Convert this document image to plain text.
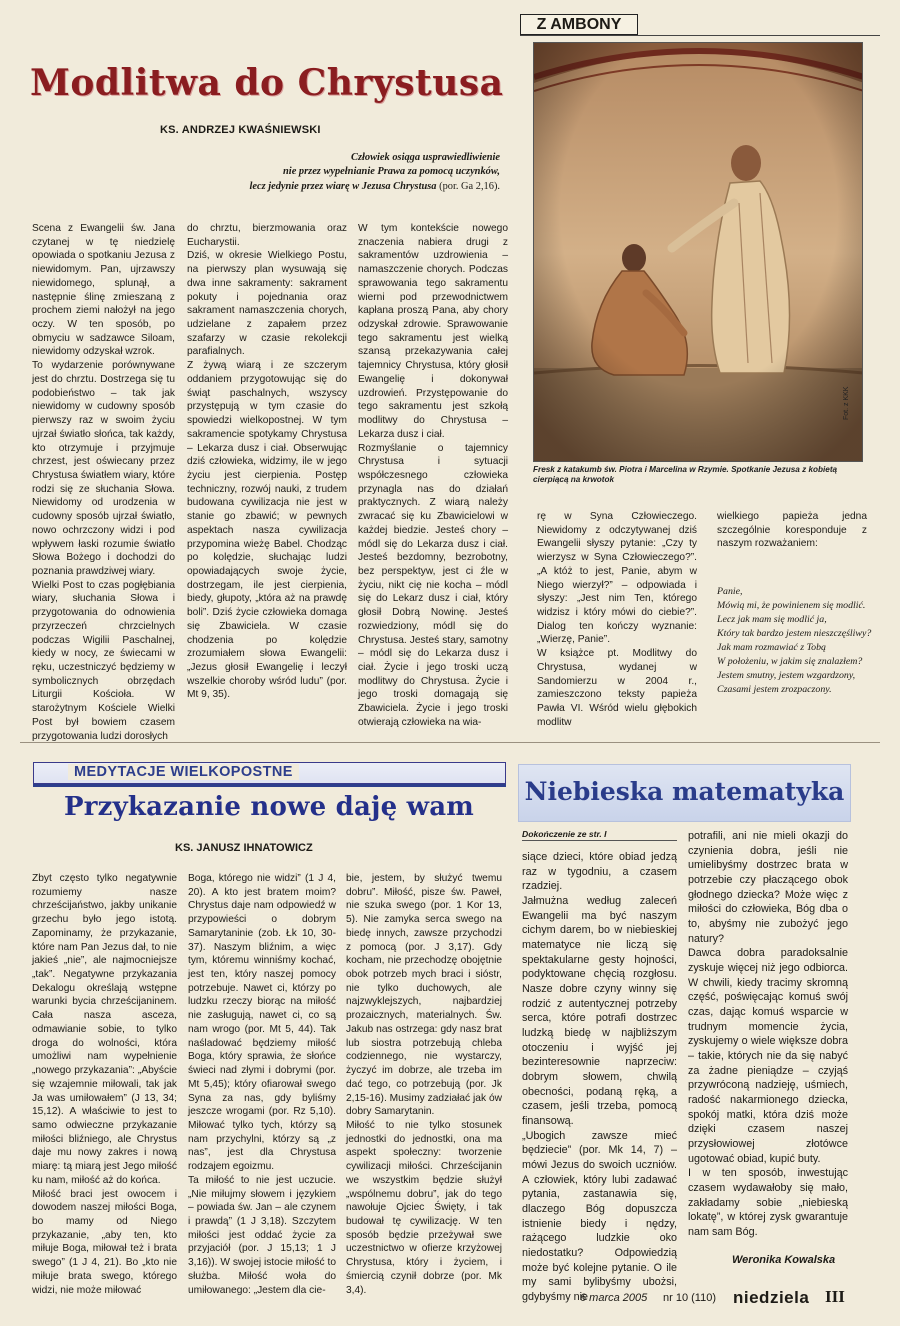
Z AMBONY
Modlitwa do Chrystusa
KS. ANDRZEJ KWAŚNIEWSKI
Człowiek osiąga usprawiedliwienie
nie przez wypełnianie Prawa za pomocą uczynków,
lecz jedynie przez wiarę w Jezusa Chrystusa (por. Ga 2,16).
Scena z Ewangelii św. Jana czytanej w tę niedzielę opowiada o spotkaniu Jezusa z niewidomym. Pan, ujrzawszy niewidomego, splunął, a następnie ślinę zmieszaną z prochem ziemi nałożył na jego oczy. W ten sposób, po obmyciu w sadzawce Siloam, niewidomy odzyskał wzrok.
To wydarzenie porównywane jest do chrztu. Dostrzega się tu podobieństwo – tak jak niewidomy w cudowny sposób pierwszy raz w swoim życiu ujrzał światło słońca, tak każdy, kto otrzymuje i przyjmuje chrzest, jest oświecany przez Chrystusa światłem wiary, które rodzi się ze słuchania Słowa. Niewidomy od urodzenia w cudowny sposób ujrzał światło, nowo ochrzczony widzi i pod wpływem łaski rozumie światło Słowa Bożego i dochodzi do poznania prawdziwej wiary.
Wielki Post to czas pogłębiania wiary, słuchania Słowa i przygotowania do odnowienia przyrzeczeń chrzcielnych podczas Wigilii Paschalnej, kiedy w nocy, ze świecami w ręku, uczestniczyć będziemy w symbolicznych obrzędach Liturgii Kościoła. W starożytnym Kościele Wielki Post był bowiem czasem przygotowania ludzi dorosłych
do chrztu, bierzmowania oraz Eucharystii.
Dziś, w okresie Wielkiego Postu, na pierwszy plan wysuwają się dwa inne sakramenty: sakrament pokuty i pojednania oraz sakrament namaszczenia chorych, udzielane z zapałem przez szafarzy w czasie rekolekcji parafialnych.
Z żywą wiarą i ze szczerym oddaniem przygotowując się do świąt paschalnych, wszyscy przystępują w tym czasie do spowiedzi wielkopostnej. W tym sakramencie spotykamy Chrystusa – Lekarza dusz i ciał. Obserwując dziś człowieka, widzimy, ile w jego życiu jest cierpienia. Postęp techniczny, rozwój nauki, z trudem budowana cywilizacja nie jest w stanie go zbawić; w pewnych aspektach nasza cywilizacja przypomina wieżę Babel. Chodząc po kolędzie, słuchając ludzi opowiadających swoje życie, dostrzegam, ile jest cierpienia, biedy, głupoty, „która aż na prawdę boli”. Dziś życie człowieka domaga się Zbawiciela. W czasie chodzenia po kolędzie zrozumiałem słowa Ewangelii: „Jezus głosił Ewangelię i leczył wszelkie choroby wśród ludu” (por. Mt 9, 35).
W tym kontekście nowego znaczenia nabiera drugi z sakramentów uzdrowienia – namaszczenie chorych. Podczas sprawowania tego sakramentu wierni pod przewodnictwem kapłana proszą Pana, aby chory odzyskał zdrowie. Sprawowanie tego sakramentu jest wielką szansą przekazywania całej tajemnicy Chrystusa, który głosił Ewangelię i dokonywał uzdrowień. Przystępowanie do tego sakramentu jest szkołą modlitwy do Chrystusa – Lekarza dusz i ciał.
Rozmyślanie o tajemnicy Chrystusa i sytuacji współczesnego człowieka przynagla nas do działań praktycznych. Z wiarą należy zwracać się ku Zbawicielowi w każdej biedzie. Jesteś chory – módl się do Lekarza dusz i ciał. Jesteś bezdomny, bezrobotny, bez perspektyw, jest ci źle w życiu, nikt cię nie kocha – módl się do Lekarz dusz i ciał, który głosił Dobrą Nowinę. Jesteś rozwiedziony, módl się do Chrystusa. Jesteś stary, samotny – módl się do Lekarza dusz i ciał. Życie i jego troski uczą modlitwy do Chrystusa. Życie i jego troski domagają się Zbawiciela. Życie i jego troski otwierają człowieka na wia-
rę w Syna Człowieczego. Niewidomy z odczytywanej dziś Ewangelii słyszy pytanie: „Czy ty wierzysz w Syna Człowieczego?”. „A któż to jest, Panie, abym w Niego wierzył?” – odpowiada i słyszy: „Jest nim Ten, którego widzisz i który mówi do ciebie?”. Dialog ten kończy wyznanie: „Wierzę, Panie”.
W książce pt. Modlitwy do Chrystusa, wydanej w Sandomierzu w 2004 r., zamieszczono teksty papieża Pawła VI. Wśród wielu głębokich modlitw
wielkiego papieża jedna szczególnie koresponduje z naszym rozważaniem:
Panie,
Mówią mi, że powinienem się modlić.
Lecz jak mam się modlić ja,
Który tak bardzo jestem nieszczęśliwy?
Jak mam rozmawiać z Tobą
W położeniu, w jakim się znalazłem?
Jestem smutny, jestem wzgardzony,
Czasami jestem zrozpaczony.
Fot. z KKK
Fresk z katakumb św. Piotra i Marcelina w Rzymie. Spotkanie Jezusa z kobietą cierpiącą na krwotok
MEDYTACJE WIELKOPOSTNE
Przykazanie nowe daję wam
KS. JANUSZ IHNATOWICZ
Zbyt często tylko negatywnie rozumiemy nasze chrześcijaństwo, jakby unikanie grzechu było jego istotą. Zapominamy, że przykazanie, które nam Pan Jezus dał, to nie jakieś „nie”, ale najmocniejsze „tak”. Negatywne przykazania Dekalogu określają wstępne warunki bycia chrześcijaninem. Cała nasza asceza, odmawianie sobie, to tylko droga do wolności, która umożliwi nam wypełnienie „nowego przykazania”: „Abyście się wzajemnie miłowali, tak jak Ja was umiłowałem” (J 13, 34; 15,12). A właściwie to jest to samo odwieczne przykazanie miłości bliźniego, ale Chrystus daje mu nowy zakres i nową miarę: tą miarą jest Jego miłość ku nam, miłość aż do końca.
Miłość braci jest owocem i dowodem naszej miłości Boga, bo mamy od Niego przykazanie, „aby ten, kto miłuje Boga, miłował też i brata swego” (1 J 4, 21). Bo „kto nie miłuje brata swego, którego widzi, nie może miłować
Boga, którego nie widzi” (1 J 4, 20). A kto jest bratem moim? Chrystus daje nam odpowiedź w przypowieści o dobrym Samarytaninie (zob. Łk 10, 30-37). Naszym bliźnim, a więc tym, któremu winniśmy kochać, jest ten, który naszej pomocy potrzebuje. Nawet ci, którzy po ludzku rzeczy biorąc na miłość nie zasługują, nawet ci, co są nam wrogo (por. Mt 5, 44). Tak naśladować będziemy miłość Boga, który sprawia, że słońce świeci nad złymi i dobrymi (por. Mt 5,45); który ofiarował swego Syna za nas, gdy byliśmy jeszcze wrogami (por. Rz 5,10). Miłować tylko tych, którzy są nam przychylni, którzy są „z nas”, jest dla Chrystusa rodzajem egoizmu.
Ta miłość to nie jest uczucie. „Nie miłujmy słowem i językiem – powiada św. Jan – ale czynem i prawdą” (1 J 3,18). Szczytem miłości jest oddać życie za przyjaciół (por. J 15,13; 1 J 3,16)). W swojej istocie miłość to służba. Miłość woła do umiłowanego: „Jestem dla cie-
bie, jestem, by służyć twemu dobru”. Miłość, pisze św. Paweł, nie szuka swego (por. 1 Kor 13, 5). Nie zamyka serca swego na biedę innych, zawsze przychodzi z pomocą (por. J 3,17). Gdy kocham, nie przechodzę obojętnie obok potrzeb mych braci i sióstr, nie tylko duchowych, ale najzwyklejszych, najbardziej prozaicznych, materialnych. Św. Jakub nas ostrzega: gdy nasz brat lub siostra potrzebują chleba codziennego, nie wystarczy, życzyć im dobrze, ale trzeba im dać tego, co potrzebują (por. Jk 2,15-16). Musimy zadziałać jak ów dobry Samarytanin.
Miłość to nie tylko stosunek jednostki do jednostki, ona ma aspekt społeczny: tworzenie cywilizacji miłości. Chrześcijanin we wszystkim będzie służył „wspólnemu dobru”, jak do tego nawołuje Ojciec Święty, i tak budował tę cywilizację. W ten sposób będzie przeżywał swe uczestnictwo w ofierze krzyżowej Chrystusa, który i życiem, i śmiercią czynił dobrze (por. Mk 3,4).
Niebieska matematyka
Dokończenie ze str. I
siące dzieci, które obiad jedzą raz w tygodniu, a czasem rzadziej.
Jałmużna według zaleceń Ewangelii ma być naszym cichym darem, bo w niebieskiej matematyce nie liczą się spektakularne gesty hojności, podyktowane chęcią rozgłosu. Nasze dobre czyny winny się rodzić z autentycznej potrzeby serca, które potrafi dostrzec ludzką biedę w najbliższym otoczeniu i wyjść jej bezinteresownie naprzeciw: dobrym słowem, chwilą obecności, podaną ręką, a czasem, jeśli trzeba, pomocą finansową.
„Ubogich zawsze mieć będziecie” (por. Mk 14, 7) – mówi Jezus do swoich uczniów. A człowiek, który lubi zadawać pytania, zastanawia się, dlaczego Bóg dopuszcza istnienie biedy i nędzy, rażącego ludzkie oko niedostatku? Odpowiedzią może być kolejne pytanie. O ile my sami bylibyśmy ubożsi, gdybyśmy nie
potrafili, ani nie mieli okazji do czynienia dobra, jeśli nie umielibyśmy dostrzec brata w potrzebie czy płaczącego obok głodnego dziecka? Może więc z miłości do człowieka, Bóg dba o to, abyśmy nie zubożyć jego natury?
Dawca dobra paradoksalnie zyskuje więcej niż jego odbiorca. W chwili, kiedy tracimy skromną część, poświęcając komuś swój czas, dając komuś wsparcie w trudnym momencie życia, zyskujemy o wiele większe dobra – takie, których nie da się nabyć za żadne pieniądze – czyjąś przywróconą nadzieję, uśmiech, radość nakarmionego dziecka, spokój matki, która dziś może dzięki czasem naszej przysłowiowej złotówce ugotować obiad, kupić buty.
I w ten sposób, inwestując czasem wydawałoby się mało, zakładamy sobie „niebieską lokatę”, w której zysk gwarantuje nam sam Bóg.
Weronika Kowalska
6 marca 2005 nr 10 (110) niedziela III
